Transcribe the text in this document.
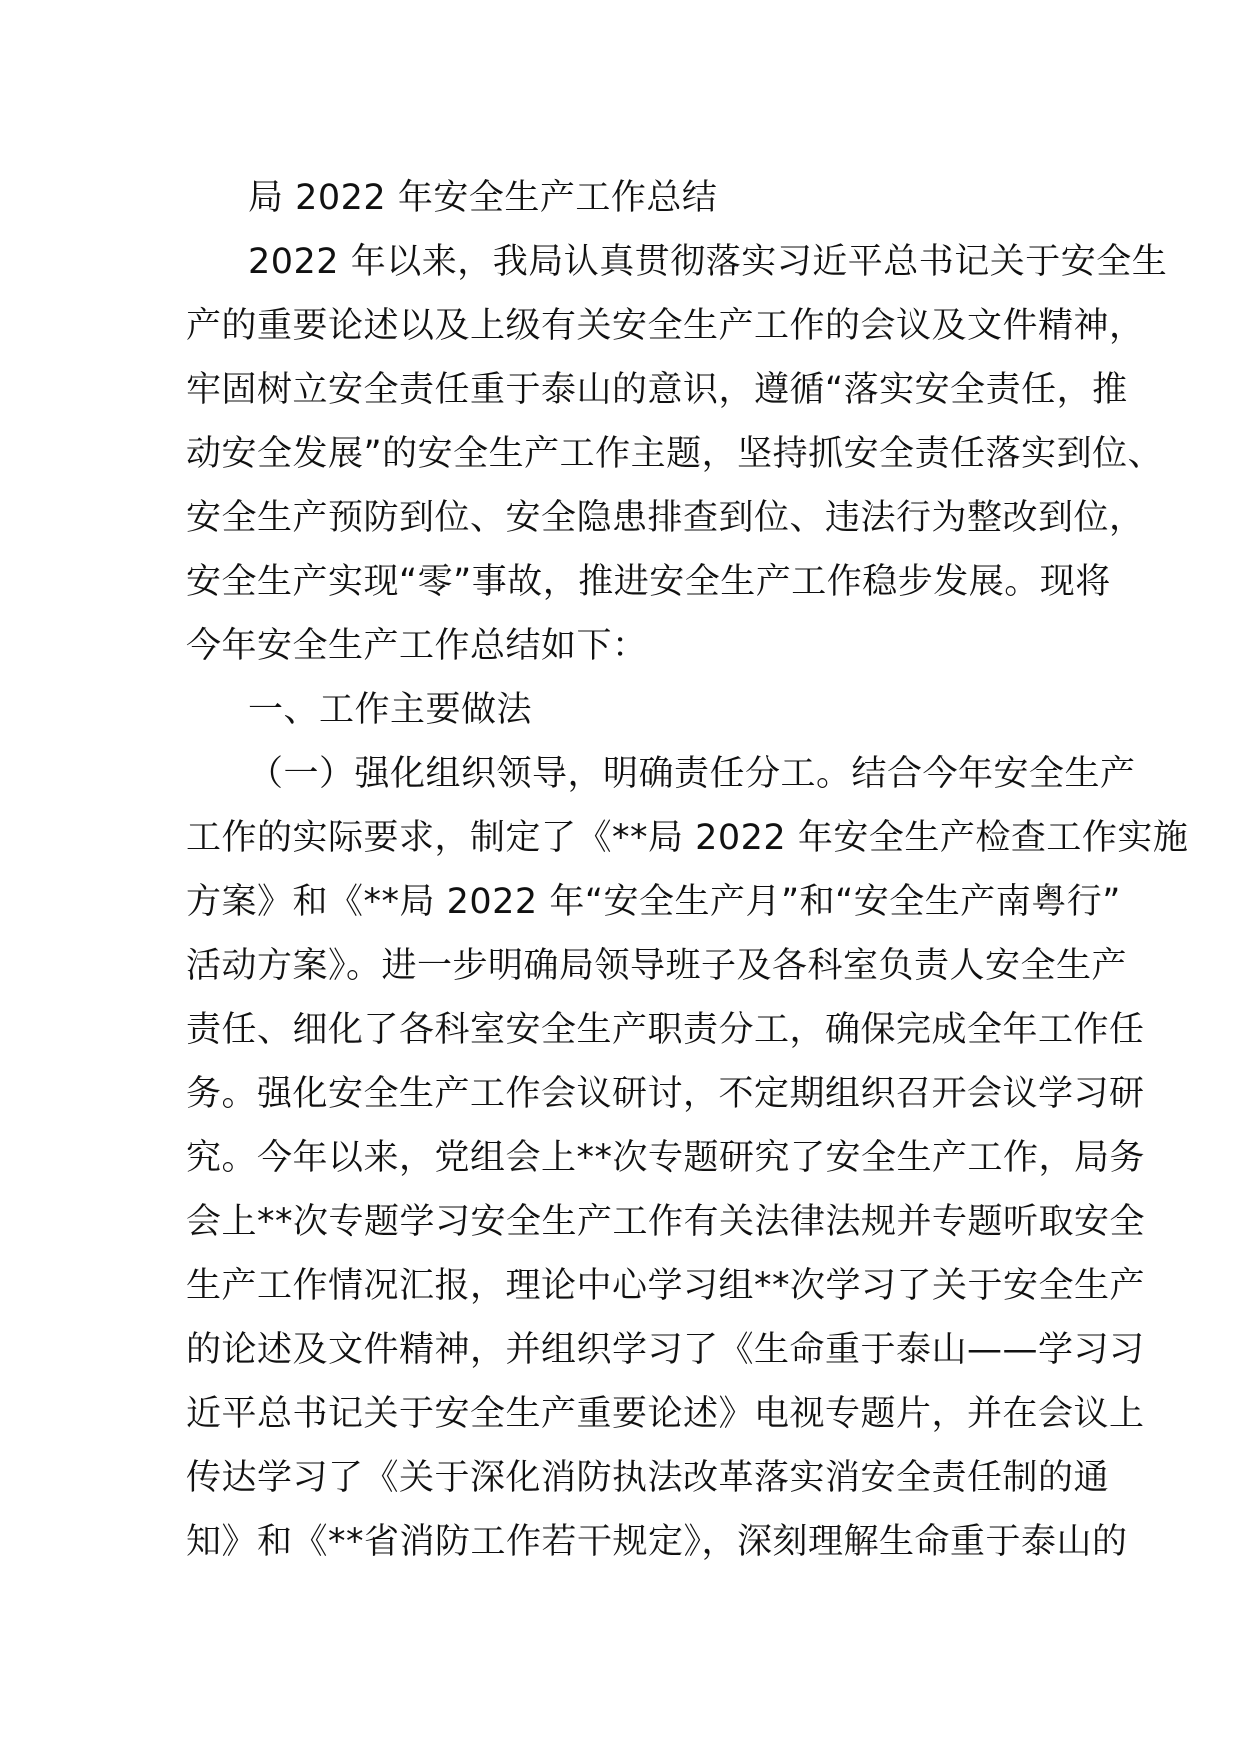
局 2022 年安全生产工作总结
2022 年以来，我局认真贯彻落实习近平总书记关于安全生
产的重要论述以及上级有关安全生产工作的会议及文件精神，
牢固树立安全责任重于泰山的意识，遵循“落实安全责任，推
动安全发展”的安全生产工作主题，坚持抓安全责任落实到位、
安全生产预防到位、安全隐患排查到位、违法行为整改到位，
安全生产实现“零”事故，推进安全生产工作稳步发展。现将
今年安全生产工作总结如下：
一、工作主要做法
（一）强化组织领导，明确责任分工。结合今年安全生产
工作的实际要求，制定了《**局 2022 年安全生产检查工作实施
方案》和《**局 2022 年“安全生产月”和“安全生产南粤行”
活动方案》。进一步明确局领导班子及各科室负责人安全生产
责任、细化了各科室安全生产职责分工，确保完成全年工作任
务。强化安全生产工作会议研讨，不定期组织召开会议学习研
究。今年以来，党组会上**次专题研究了安全生产工作，局务
会上**次专题学习安全生产工作有关法律法规并专题听取安全
生产工作情况汇报，理论中心学习组**次学习了关于安全生产
的论述及文件精神，并组织学习了《生命重于泰山——学习习
近平总书记关于安全生产重要论述》电视专题片，并在会议上
传达学习了《关于深化消防执法改革落实消安全责任制的通
知》和《**省消防工作若干规定》，深刻理解生命重于泰山的
